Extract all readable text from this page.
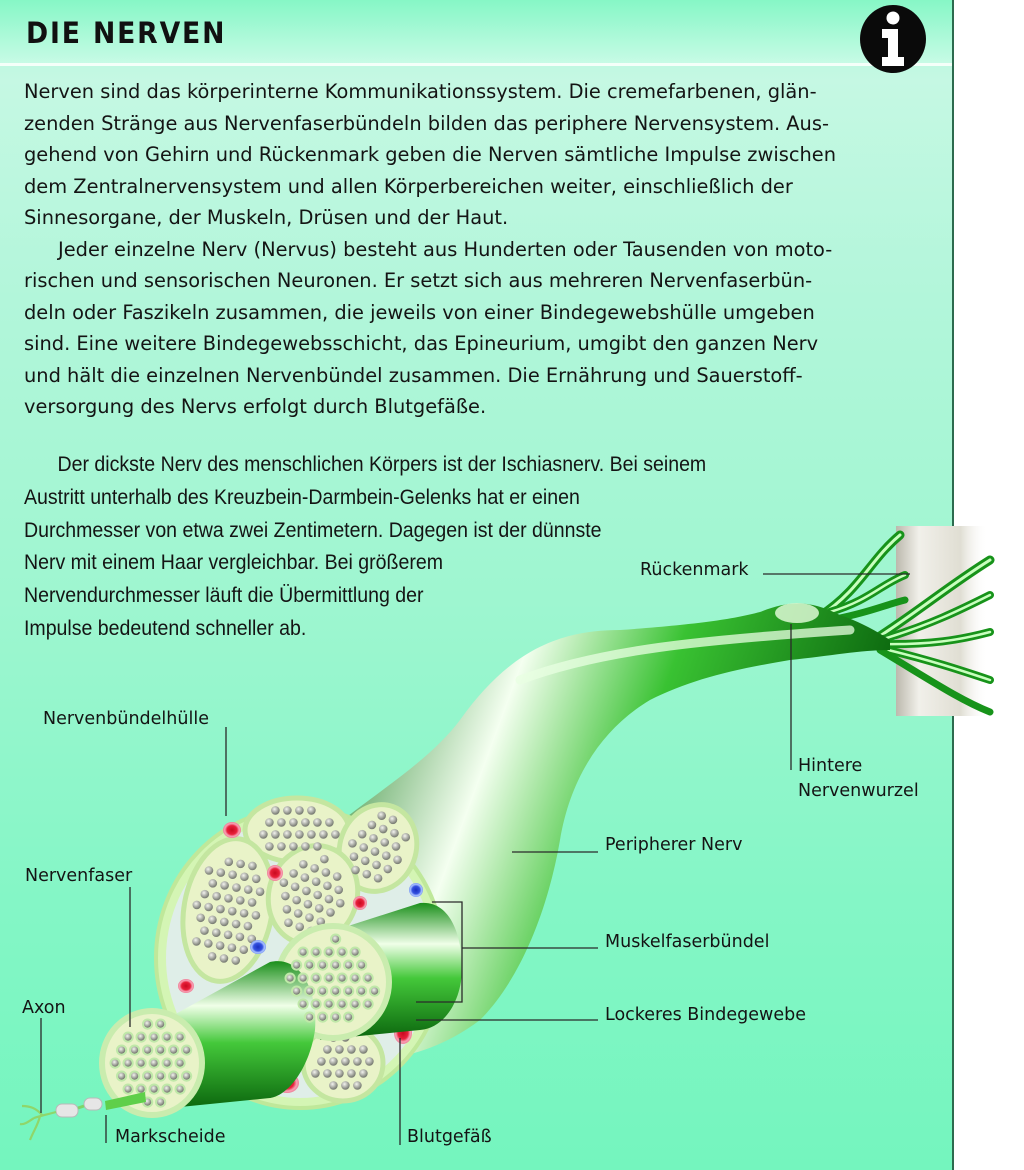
DIE NERVEN
Nerven sind das körperinterne Kommunikationssystem. Die cremefarbenen, glän-
zenden Stränge aus Nervenfaserbündeln bilden das periphere Nervensystem. Aus-
gehend von Gehirn und Rückenmark geben die Nerven sämtliche Impulse zwischen
dem Zentralnervensystem und allen Körperbereichen weiter, einschließlich der
Sinnesorgane, der Muskeln, Drüsen und der Haut.
Jeder einzelne Nerv (Nervus) besteht aus Hunderten oder Tausenden von moto-
rischen und sensorischen Neuronen. Er setzt sich aus mehreren Nervenfaserbün-
deln oder Faszikeln zusammen, die jeweils von einer Bindegewebshülle umgeben
sind. Eine weitere Bindegewebsschicht, das Epineurium, umgibt den ganzen Nerv
und hält die einzelnen Nervenbündel zusammen. Die Ernährung und Sauerstoff-
versorgung des Nervs erfolgt durch Blutgefäße.
Der dickste Nerv des menschlichen Körpers ist der Ischiasnerv. Bei seinem
Austritt unterhalb des Kreuzbein-Darmbein-Gelenks hat er einen
Durchmesser von etwa zwei Zentimetern. Dagegen ist der dünnste
Nerv mit einem Haar vergleichbar. Bei größerem
Nervendurchmesser läuft die Übermittlung der
Impulse bedeutend schneller ab.
Rückenmark
Hintere
Nervenwurzel
Nervenbündelhülle
Peripherer Nerv
Nervenfaser
Muskelfaserbündel
Axon	Lockeres Bindegewebe
Markscheide	Blutgefäß
